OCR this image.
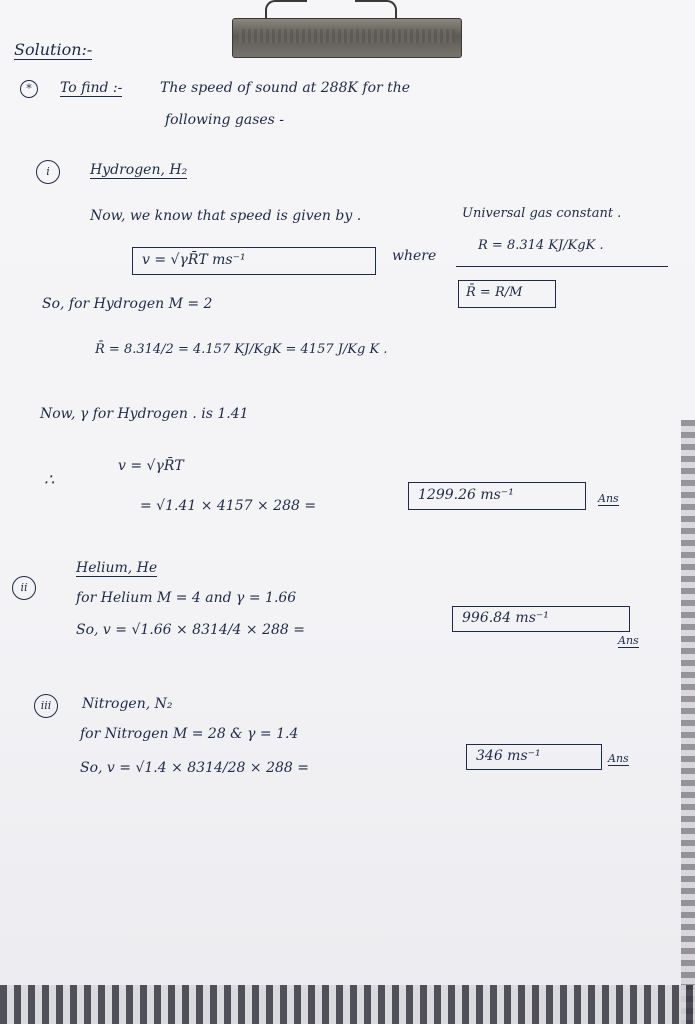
Solution:-
*	To find :-	The speed of sound at 288K for the
following gases -
i	Hydrogen, H₂
Now, we know that speed is given by .	Universal gas constant .
v = √γR̄T ms⁻¹	where
R = 8.314 KJ/KgK .
R̄ = R/M
So, for Hydrogen M = 2
R̄ = 8.314/2 = 4.157 KJ/KgK = 4157 J/Kg K .
Now, γ for Hydrogen . is 1.41
∴
v = √γR̄T
= √1.41 × 4157 × 288 =
1299.26 ms⁻¹	Ans
ii
Helium, He
for Helium M = 4 and γ = 1.66
So, v = √1.66 × 8314/4 × 288 =
996.84 ms⁻¹
Ans
iii	Nitrogen, N₂
for Nitrogen M = 28 & γ = 1.4
So, v = √1.4 × 8314/28 × 288 =
346 ms⁻¹	Ans
